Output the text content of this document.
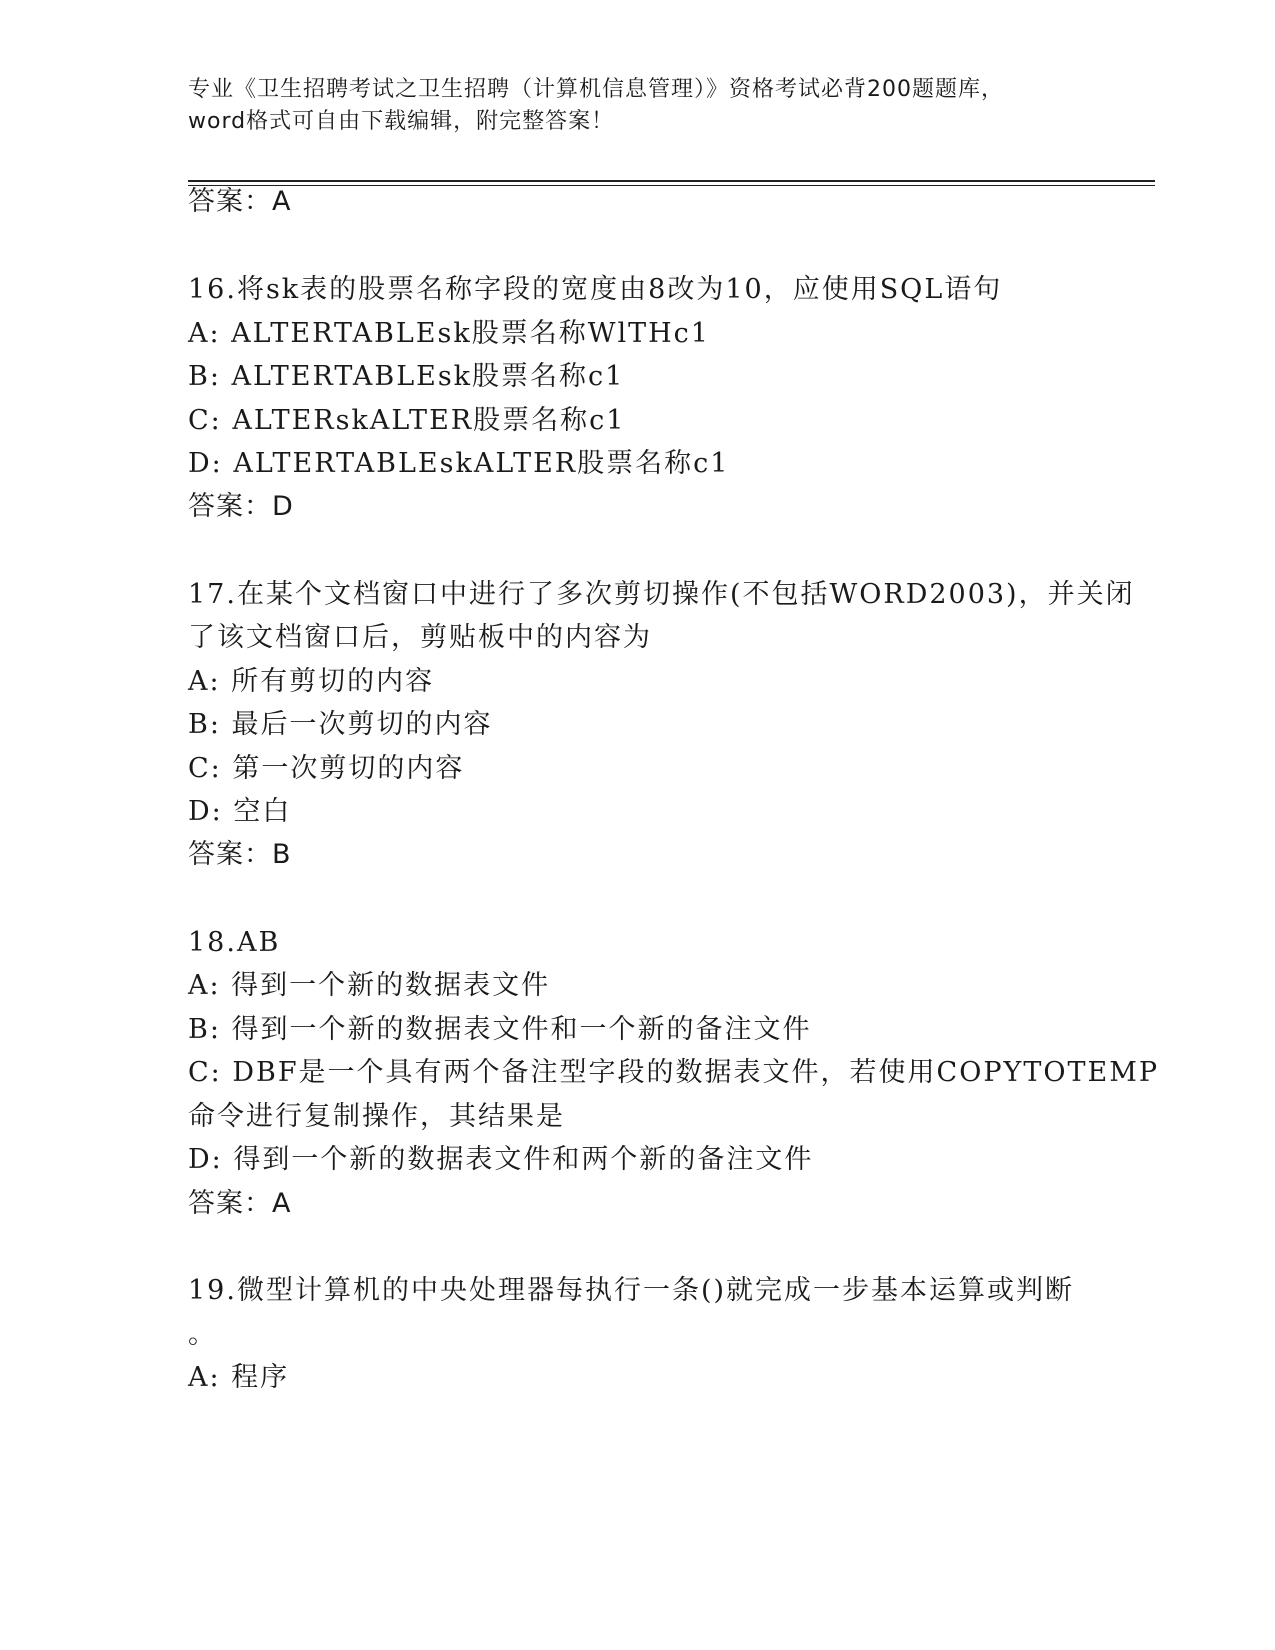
专业《卫生招聘考试之卫生招聘（计算机信息管理）》资格考试必背200题题库，
word格式可自由下载编辑，附完整答案！
答案：A
16.将sk表的股票名称字段的宽度由8改为10，应使用SQL语句
A: ALTERTABLEsk股票名称WlTHc1
B: ALTERTABLEsk股票名称c1
C: ALTERskALTER股票名称c1
D: ALTERTABLEskALTER股票名称c1
答案：D
17.在某个文档窗口中进行了多次剪切操作(不包括WORD2003)，并关闭
了该文档窗口后，剪贴板中的内容为
A: 所有剪切的内容
B: 最后一次剪切的内容
C: 第一次剪切的内容
D: 空白
答案：B
18.AB
A: 得到一个新的数据表文件
B: 得到一个新的数据表文件和一个新的备注文件
C: DBF是一个具有两个备注型字段的数据表文件，若使用COPYTOTEMP
命令进行复制操作，其结果是
D: 得到一个新的数据表文件和两个新的备注文件
答案：A
19.微型计算机的中央处理器每执行一条()就完成一步基本运算或判断
。
A: 程序
